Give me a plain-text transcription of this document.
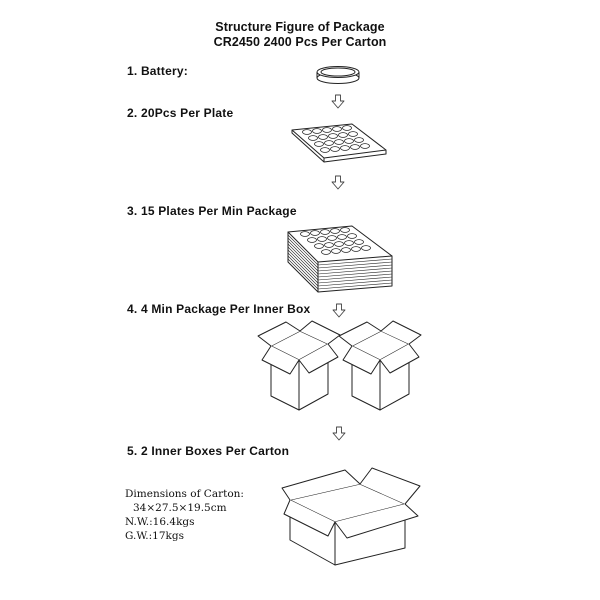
Structure Figure of Package
CR2450 2400 Pcs Per Carton
1. Battery:
2. 20Pcs Per Plate
3. 15 Plates Per Min Package
4. 4 Min Package Per Inner Box
5. 2 Inner Boxes Per Carton
Dimensions of Carton:
34×27.5×19.5cm
N.W.:16.4kgs
G.W.:17kgs
